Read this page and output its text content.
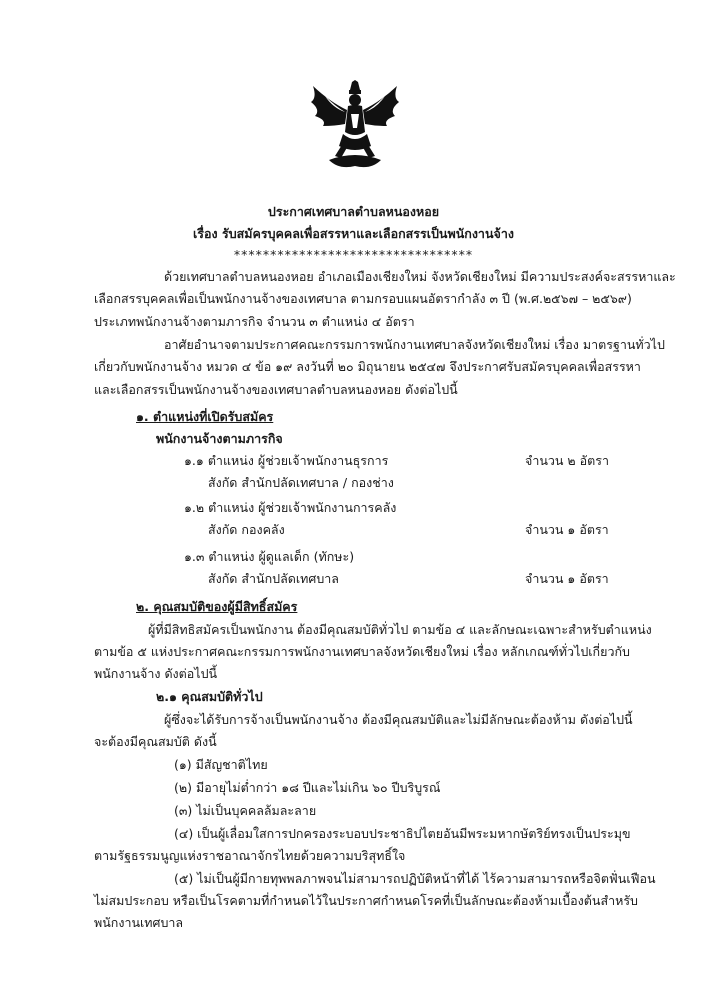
ประกาศเทศบาลตำบลหนองหอย
เรื่อง รับสมัครบุคคลเพื่อสรรหาและเลือกสรรเป็นพนักงานจ้าง
*********************************
ด้วยเทศบาลตำบลหนองหอย อำเภอเมืองเชียงใหม่ จังหวัดเชียงใหม่ มีความประสงค์จะสรรหาและ
เลือกสรรบุคคลเพื่อเป็นพนักงานจ้างของเทศบาล ตามกรอบแผนอัตรากำลัง ๓ ปี (พ.ศ.๒๕๖๗ – ๒๕๖๙)
ประเภทพนักงานจ้างตามภารกิจ จำนวน ๓ ตำแหน่ง ๔ อัตรา
อาศัยอำนาจตามประกาศคณะกรรมการพนักงานเทศบาลจังหวัดเชียงใหม่ เรื่อง มาตรฐานทั่วไป
เกี่ยวกับพนักงานจ้าง หมวด ๔ ข้อ ๑๙ ลงวันที่ ๒๐ มิถุนายน ๒๕๔๗ จึงประกาศรับสมัครบุคคลเพื่อสรรหา
และเลือกสรรเป็นพนักงานจ้างของเทศบาลตำบลหนองหอย ดังต่อไปนี้
๑. ตำแหน่งที่เปิดรับสมัคร
พนักงานจ้างตามภารกิจ
๑.๑ ตำแหน่ง ผู้ช่วยเจ้าพนักงานธุรการ	จำนวน ๒ อัตรา
สังกัด สำนักปลัดเทศบาล / กองช่าง
๑.๒ ตำแหน่ง ผู้ช่วยเจ้าพนักงานการคลัง
สังกัด กองคลัง	จำนวน ๑ อัตรา
๑.๓ ตำแหน่ง ผู้ดูแลเด็ก (ทักษะ)
สังกัด สำนักปลัดเทศบาล	จำนวน ๑ อัตรา
๒. คุณสมบัติของผู้มีสิทธิ์สมัคร
ผู้ที่มีสิทธิสมัครเป็นพนักงาน ต้องมีคุณสมบัติทั่วไป ตามข้อ ๔ และลักษณะเฉพาะสำหรับตำแหน่ง
ตามข้อ ๕ แห่งประกาศคณะกรรมการพนักงานเทศบาลจังหวัดเชียงใหม่ เรื่อง หลักเกณฑ์ทั่วไปเกี่ยวกับ
พนักงานจ้าง ดังต่อไปนี้
๒.๑ คุณสมบัติทั่วไป
ผู้ซึ่งจะได้รับการจ้างเป็นพนักงานจ้าง ต้องมีคุณสมบัติและไม่มีลักษณะต้องห้าม ดังต่อไปนี้
จะต้องมีคุณสมบัติ ดังนี้
(๑) มีสัญชาติไทย
(๒) มีอายุไม่ต่ำกว่า ๑๘ ปีและไม่เกิน ๖๐ ปีบริบูรณ์
(๓) ไม่เป็นบุคคลล้มละลาย
(๔) เป็นผู้เลื่อมใสการปกครองระบอบประชาธิปไตยอันมีพระมหากษัตริย์ทรงเป็นประมุข
ตามรัฐธรรมนูญแห่งราชอาณาจักรไทยด้วยความบริสุทธิ์ใจ
(๕) ไม่เป็นผู้มีกายทุพพลภาพจนไม่สามารถปฏิบัติหน้าที่ได้ ไร้ความสามารถหรือจิตฟั่นเฟือน
ไม่สมประกอบ หรือเป็นโรคตามที่กำหนดไว้ในประกาศกำหนดโรคที่เป็นลักษณะต้องห้ามเบื้องต้นสำหรับ
พนักงานเทศบาล
